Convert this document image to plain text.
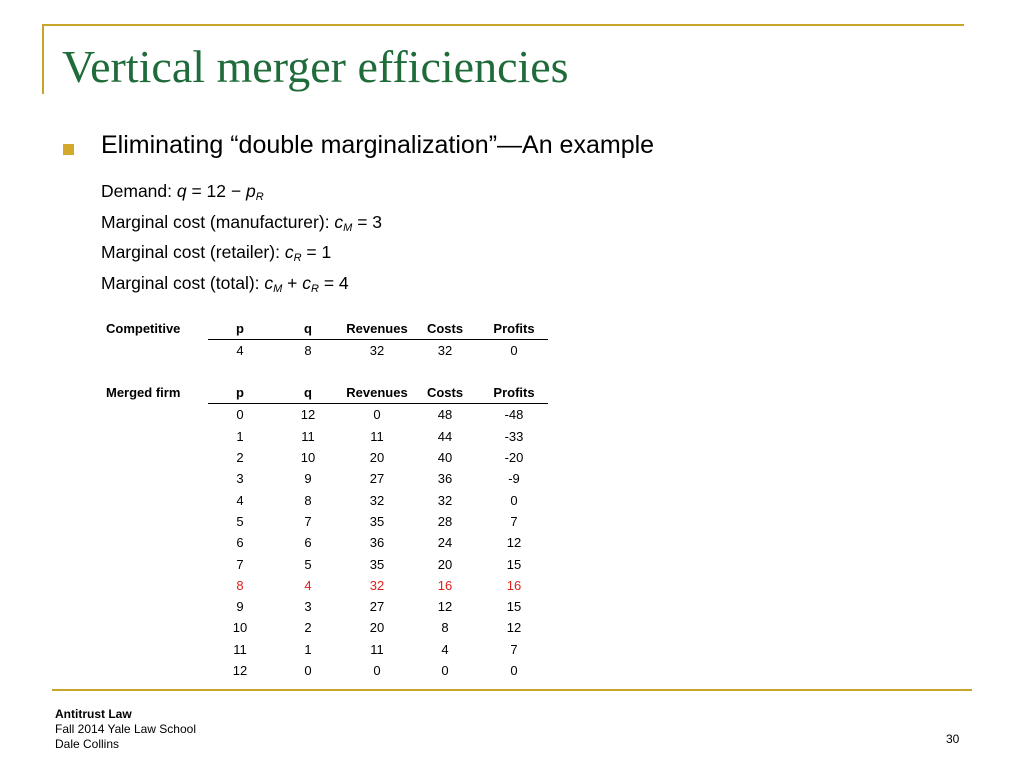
Vertical merger efficiencies
Eliminating “double marginalization”—An example
Demand: $q = 12 - p_R$
Marginal cost (manufacturer): $c_M = 3$
Marginal cost (retailer): $c_R = 1$
Marginal cost (total): $c_M + c_R = 4$
Competitive	p	q	Revenues	Costs	Profits
	4	8	32	32	0
Merged firm	p	q	Revenues	Costs	Profits
	0	12	0	48	-48
	1	11	11	44	-33
	2	10	20	40	-20
	3	9	27	36	-9
	4	8	32	32	0
	5	7	35	28	7
	6	6	36	24	12
	7	5	35	20	15
	8	4	32	16	16
	9	3	27	12	15
	10	2	20	8	12
	11	1	11	4	7
	12	0	0	0	0
Antitrust Law
Fall 2014 Yale Law School
Dale Collins	30
